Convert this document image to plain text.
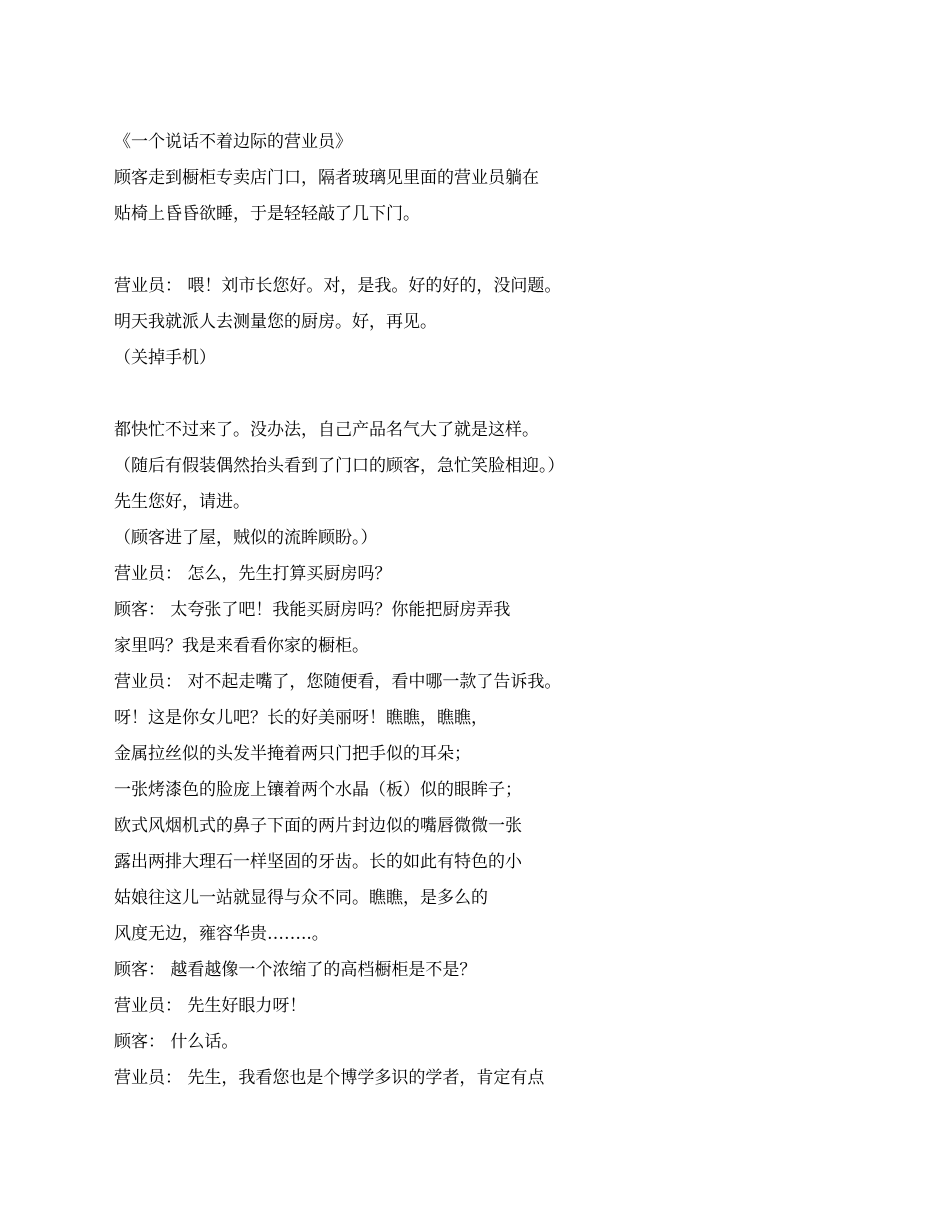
《一个说话不着边际的营业员》
顾客走到橱柜专卖店门口，隔者玻璃见里面的营业员躺在
贴椅上昏昏欲睡，于是轻轻敲了几下门。
营业员： 喂！刘市长您好。对，是我。好的好的，没问题。
明天我就派人去测量您的厨房。好，再见。
（关掉手机）
都快忙不过来了。没办法，自己产品名气大了就是这样。
（随后有假装偶然抬头看到了门口的顾客，急忙笑脸相迎。）
先生您好，请进。
（顾客进了屋，贼似的流眸顾盼。）
营业员： 怎么，先生打算买厨房吗？
顾客： 太夸张了吧！我能买厨房吗？你能把厨房弄我
家里吗？我是来看看你家的橱柜。
营业员： 对不起走嘴了，您随便看，看中哪一款了告诉我。
呀！这是你女儿吧？长的好美丽呀！瞧瞧，瞧瞧，
金属拉丝似的头发半掩着两只门把手似的耳朵；
一张烤漆色的脸庞上镶着两个水晶（板）似的眼眸子；
欧式风烟机式的鼻子下面的两片封边似的嘴唇微微一张
露出两排大理石一样坚固的牙齿。长的如此有特色的小
姑娘往这儿一站就显得与众不同。瞧瞧，是多么的
风度无边，雍容华贵……..。
顾客： 越看越像一个浓缩了的高档橱柜是不是？
营业员： 先生好眼力呀！
顾客： 什么话。
营业员： 先生，我看您也是个博学多识的学者，肯定有点
